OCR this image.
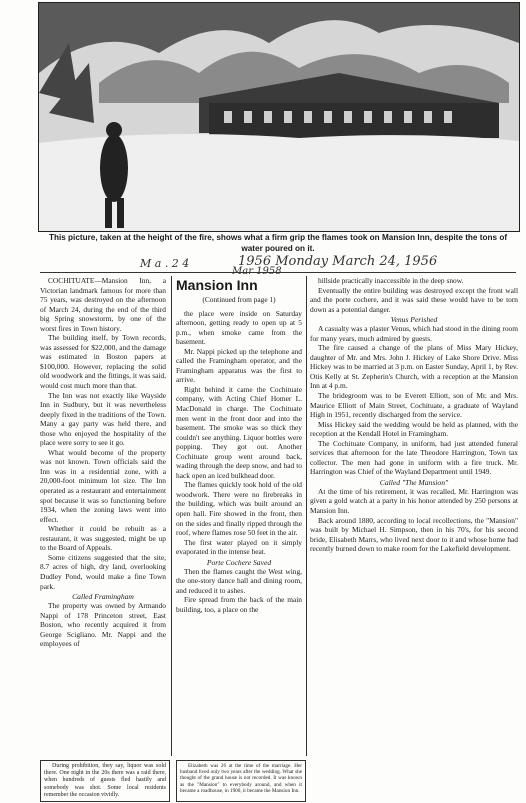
This picture, taken at the height of the fire, shows what a firm grip the flames took on Mansion Inn, despite the tons of water poured on it.
M a . 2 4	1956 Monday March 24, 1956

COCHITUATE—Mansion Inn, a Victorian landmark famous for more than 75 years, was destroyed on the afternoon of March 24, during the end of the third big Spring snowstorm, by one of the worst fires in Town history.

The building itself, by Town records, was assessed for $22,000, and the damage was estimated in Boston papers at $100,000. However, replacing the solid old woodwork and the fittings, it was said, would cost much more than that.

The Inn was not exactly like Wayside Inn in Sudbury, but it was nevertheless deeply fixed in the traditions of the Town. Many a gay party was held there, and those who enjoyed the hospitality of the place were sorry to see it go.

What would become of the property was not known. Town officials said the Inn was in a residential zone, with a 20,000-foot minimum lot size. The Inn operated as a restaurant and entertainment spot because it was so functioning before 1934, when the zoning laws went into effect.

Whether it could be rebuilt as a restaurant, it was suggested, might be up to the Board of Appeals.

Some citizens suggested that the site, 8.7 acres of high, dry land, overlooking Dudley Pond, would make a fine Town park.

Called Framingham

The property was owned by Armando Nappi of 178 Princeton street, East Boston, who recently acquired it from George Scigliano. Mr. Nappi and the employees of

Mar 1958
Mansion Inn
(Continued from page 1)

the place were inside on Saturday afternoon, getting ready to open up at 5 p.m., when smoke came from the basement.

Mr. Nappi picked up the telephone and called the Framingham operator, and the Framingham apparatus was the first to arrive.

Right behind it came the Cochituate company, with Acting Chief Homer L. MacDonald in charge. The Cochituate men went in the front door and into the basement. The smoke was so thick they couldn't see anything. Liquor bottles were popping. They got out. Another Cochituate group went around back, wading through the deep snow, and had to hack open an iced bulkhead door.

The flames quickly took hold of the old woodwork. There were no firebreaks in the building, which was built around an open hall. Fire showed in the front, then on the sides and finally ripped through the roof, where flames rose 50 feet in the air.

The first water played on it simply evaporated in the intense heat.

Porte Cochere Saved

Then the flames caught the West wing, the one-story dance hall and dining room, and reduced it to ashes.

Fire spread from the back of the main building, too, a place on the

hillside practically inaccessible in the deep snow.

Eventually the entire building was destroyed except the front wall and the porte cochere, and it was said these would have to be torn down as a potential danger.

Venus Perished

A casualty was a plaster Venus, which had stood in the dining room for many years, much admired by guests.

The fire caused a change of the plans of Miss Mary Hickey, daughter of Mr. and Mrs. John J. Hickey of Lake Shore Drive. Miss Hickey was to be married at 3 p.m. on Easter Sunday, April 1, by Rev. Otis Kelly at St. Zepherin's Church, with a reception at the Mansion Inn at 4 p.m.

The bridegroom was to be Everett Elliott, son of Mr. and Mrs. Maurice Elliott of Main Street, Cochituate, a graduate of Wayland High in 1951, recently discharged from the service.

Miss Hickey said the wedding would be held as planned, with the reception at the Kendall Hotel in Framingham.

The Cochituate Company, in uniform, had just attended funeral services that afternoon for the late Theodore Harrington, Town tax collector. The men had gone in uniform with a fire truck. Mr. Harrington was Chief of the Wayland Department until 1949.

Called "The Mansion"

At the time of his retirement, it was recalled, Mr. Harrington was given a gold watch at a party in his honor attended by 250 persons at Mansion Inn.

Back around 1880, according to local recollections, the "Mansion" was built by Michael H. Simpson, then in his 70's, for his second bride, Elisabeth Marrs, who lived next door to it and whose home had recently burned down to make room for the Lakefield development.

During prohibition, they say, liquor was sold there. One night in the 20s there was a raid there, when hundreds of guests fled hastily and somebody was shot. Some local residents remember the occasion vividly.

Elizabeth was 26 at the time of the marriage. Her husband lived only two years after the wedding. What she thought of the grand house is not recorded. It was known as the "Mansion" to everybody around, and when it became a roadhouse, in 1900, it became the Mansion Inn.
